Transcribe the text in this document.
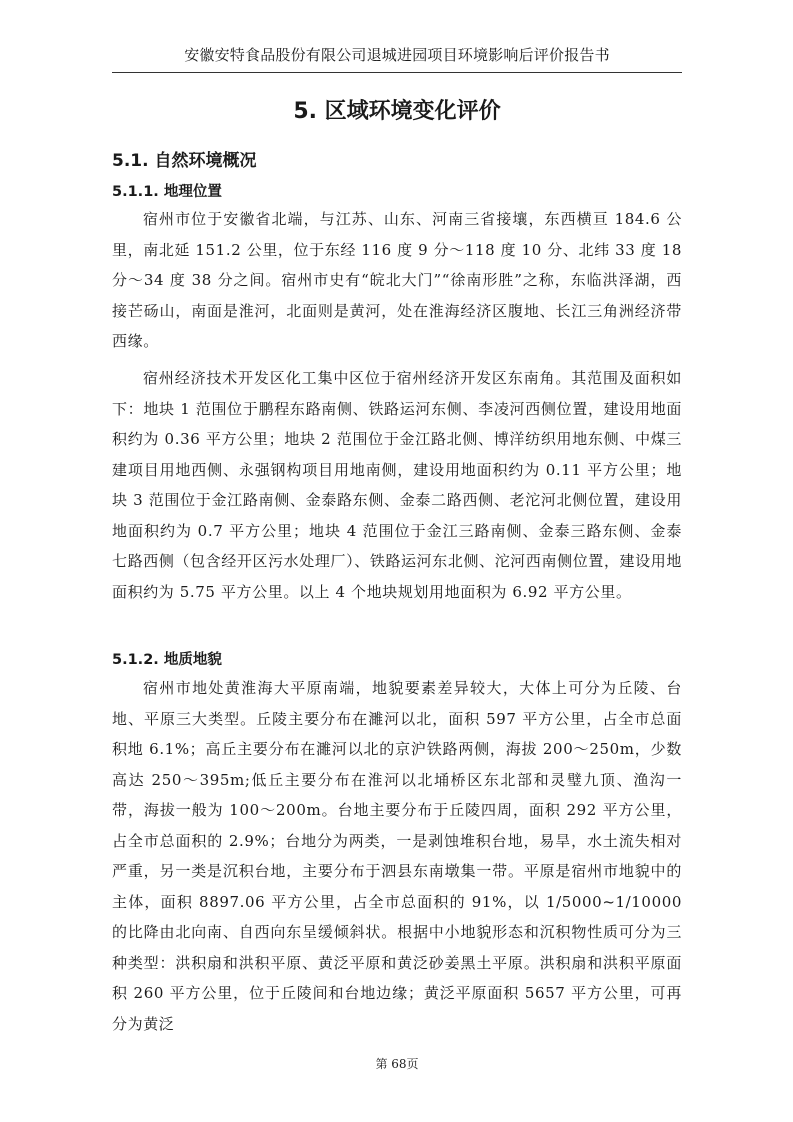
安徽安特食品股份有限公司退城进园项目环境影响后评价报告书
5. 区域环境变化评价
5.1. 自然环境概况
5.1.1. 地理位置

宿州市位于安徽省北端，与江苏、山东、河南三省接壤，东西横亘 184.6 公里，南北延 151.2 公里，位于东经 116 度 9 分～118 度 10 分、北纬 33 度 18 分～34 度 38 分之间。宿州市史有“皖北大门”“徐南形胜”之称，东临洪泽湖，西接芒砀山，南面是淮河，北面则是黄河，处在淮海经济区腹地、长江三角洲经济带西缘。

宿州经济技术开发区化工集中区位于宿州经济开发区东南角。其范围及面积如下：地块 1 范围位于鹏程东路南侧、铁路运河东侧、李凌河西侧位置，建设用地面积约为 0.36 平方公里；地块 2 范围位于金江路北侧、博洋纺织用地东侧、中煤三建项目用地西侧、永强钢构项目用地南侧，建设用地面积约为 0.11 平方公里；地块 3 范围位于金江路南侧、金泰路东侧、金泰二路西侧、老沱河北侧位置，建设用地面积约为 0.7 平方公里；地块 4 范围位于金江三路南侧、金泰三路东侧、金泰七路西侧（包含经开区污水处理厂）、铁路运河东北侧、沱河西南侧位置，建设用地面积约为 5.75 平方公里。以上 4 个地块规划用地面积为 6.92 平方公里。

5.1.2. 地质地貌

宿州市地处黄淮海大平原南端，地貌要素差异较大，大体上可分为丘陵、台地、平原三大类型。丘陵主要分布在濉河以北，面积 597 平方公里，占全市总面积地 6.1%；高丘主要分布在濉河以北的京沪铁路两侧，海拔 200～250m，少数高达 250～395m;低丘主要分布在淮河以北埇桥区东北部和灵璧九顶、渔沟一带，海拔一般为 100～200m。台地主要分布于丘陵四周，面积 292 平方公里，占全市总面积的 2.9%；台地分为两类，一是剥蚀堆积台地，易旱，水土流失相对严重，另一类是沉积台地，主要分布于泗县东南墩集一带。平原是宿州市地貌中的主体，面积 8897.06 平方公里，占全市总面积的 91%，以 1/5000~1/10000 的比降由北向南、自西向东呈缓倾斜状。根据中小地貌形态和沉积物性质可分为三种类型：洪积扇和洪积平原、黄泛平原和黄泛砂姜黑土平原。洪积扇和洪积平原面积 260 平方公里，位于丘陵间和台地边缘；黄泛平原面积 5657 平方公里，可再分为黄泛

第 68页
